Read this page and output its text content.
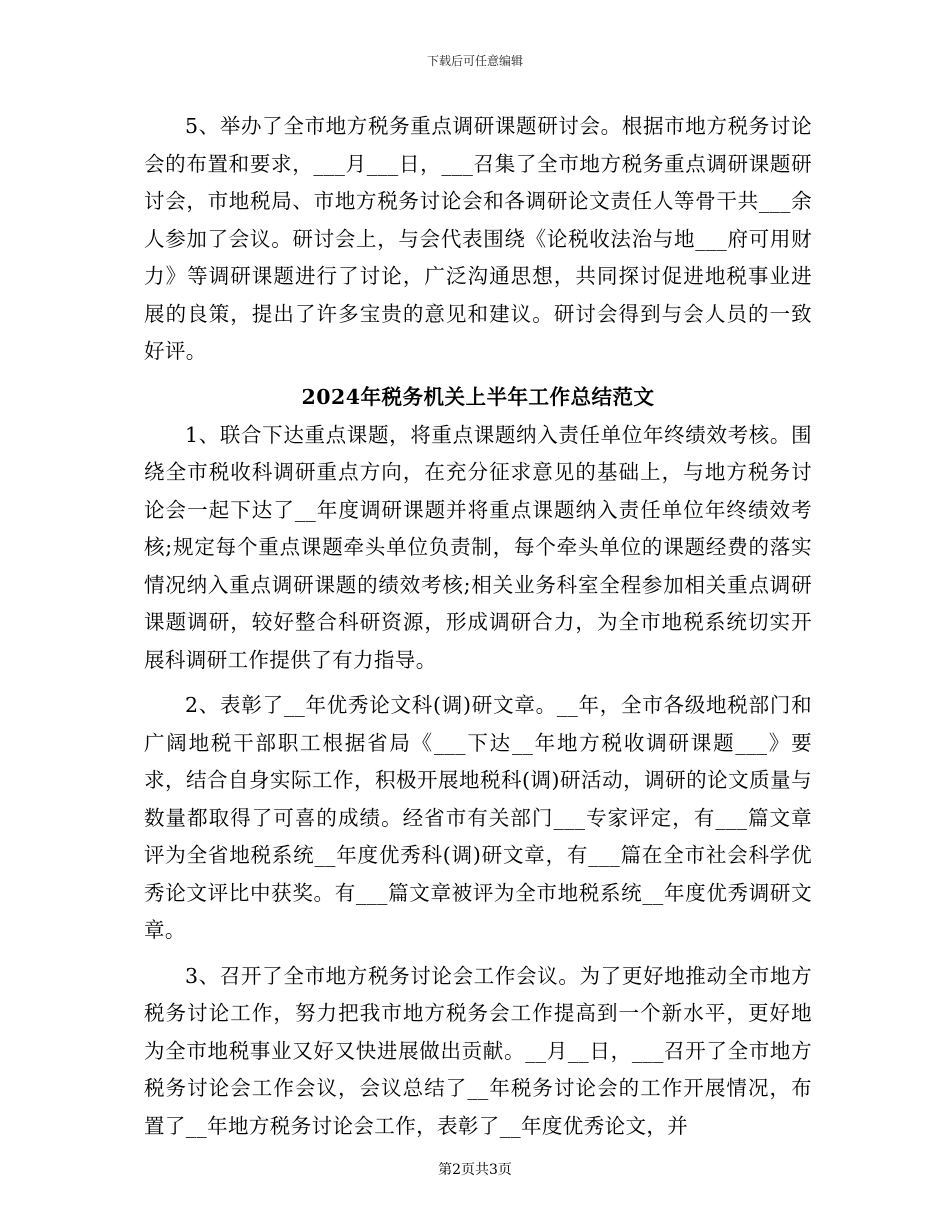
下载后可任意编辑

5、举办了全市地方税务重点调研课题研讨会。根据市地方税务讨论会的布置和要求，___月___日，___召集了全市地方税务重点调研课题研讨会，市地税局、市地方税务讨论会和各调研论文责任人等骨干共___余人参加了会议。研讨会上，与会代表围绕《论税收法治与地___府可用财力》等调研课题进行了讨论，广泛沟通思想，共同探讨促进地税事业进展的良策，提出了许多宝贵的意见和建议。研讨会得到与会人员的一致好评。

2024年税务机关上半年工作总结范文

1、联合下达重点课题，将重点课题纳入责任单位年终绩效考核。围绕全市税收科调研重点方向，在充分征求意见的基础上，与地方税务讨论会一起下达了__年度调研课题并将重点课题纳入责任单位年终绩效考核;规定每个重点课题牵头单位负责制，每个牵头单位的课题经费的落实情况纳入重点调研课题的绩效考核;相关业务科室全程参加相关重点调研课题调研，较好整合科研资源，形成调研合力，为全市地税系统切实开展科调研工作提供了有力指导。

2、表彰了__年优秀论文科(调)研文章。__年，全市各级地税部门和广阔地税干部职工根据省局《___下达__年地方税收调研课题___》要求，结合自身实际工作，积极开展地税科(调)研活动，调研的论文质量与数量都取得了可喜的成绩。经省市有关部门___专家评定，有___篇文章评为全省地税系统__年度优秀科(调)研文章，有___篇在全市社会科学优秀论文评比中获奖。有___篇文章被评为全市地税系统__年度优秀调研文章。

3、召开了全市地方税务讨论会工作会议。为了更好地推动全市地方税务讨论工作，努力把我市地方税务会工作提高到一个新水平，更好地为全市地税事业又好又快进展做出贡献。__月__日，___召开了全市地方税务讨论会工作会议，会议总结了__年税务讨论会的工作开展情况，布置了__年地方税务讨论会工作，表彰了__年度优秀论文，并

第2页共3页
